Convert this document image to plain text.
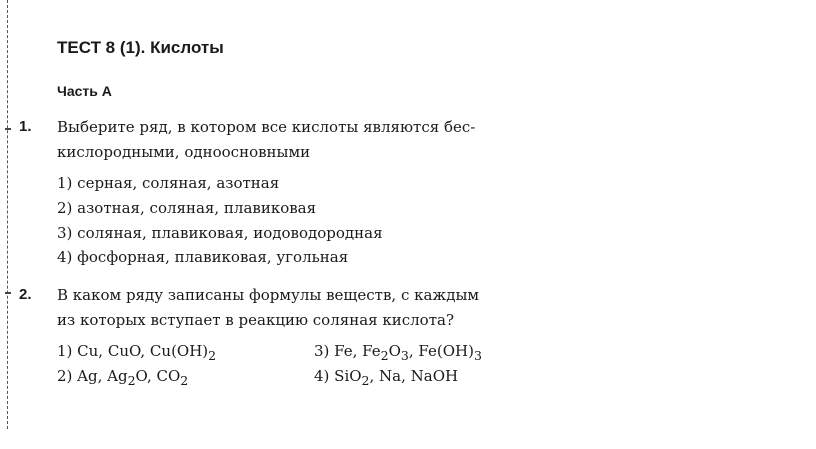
ТЕСТ 8 (1). Кислоты
Часть А
1. Выберите ряд, в котором все кислоты являются бес-
кислородными, одноосновными
1) серная, соляная, азотная
2) азотная, соляная, плавиковая
3) соляная, плавиковая, иодоводородная
4) фосфорная, плавиковая, угольная
2. В каком ряду записаны формулы веществ, с каждым
из которых вступает в реакцию соляная кислота?
1) Cu, CuO, $Cu(OH)_2$	3) Fe, $Fe_2O_3$, $Fe(OH)_3$
2) Ag, $Ag_2O$, $CO_2$	4) SiO$_2$, Na, NaOH
